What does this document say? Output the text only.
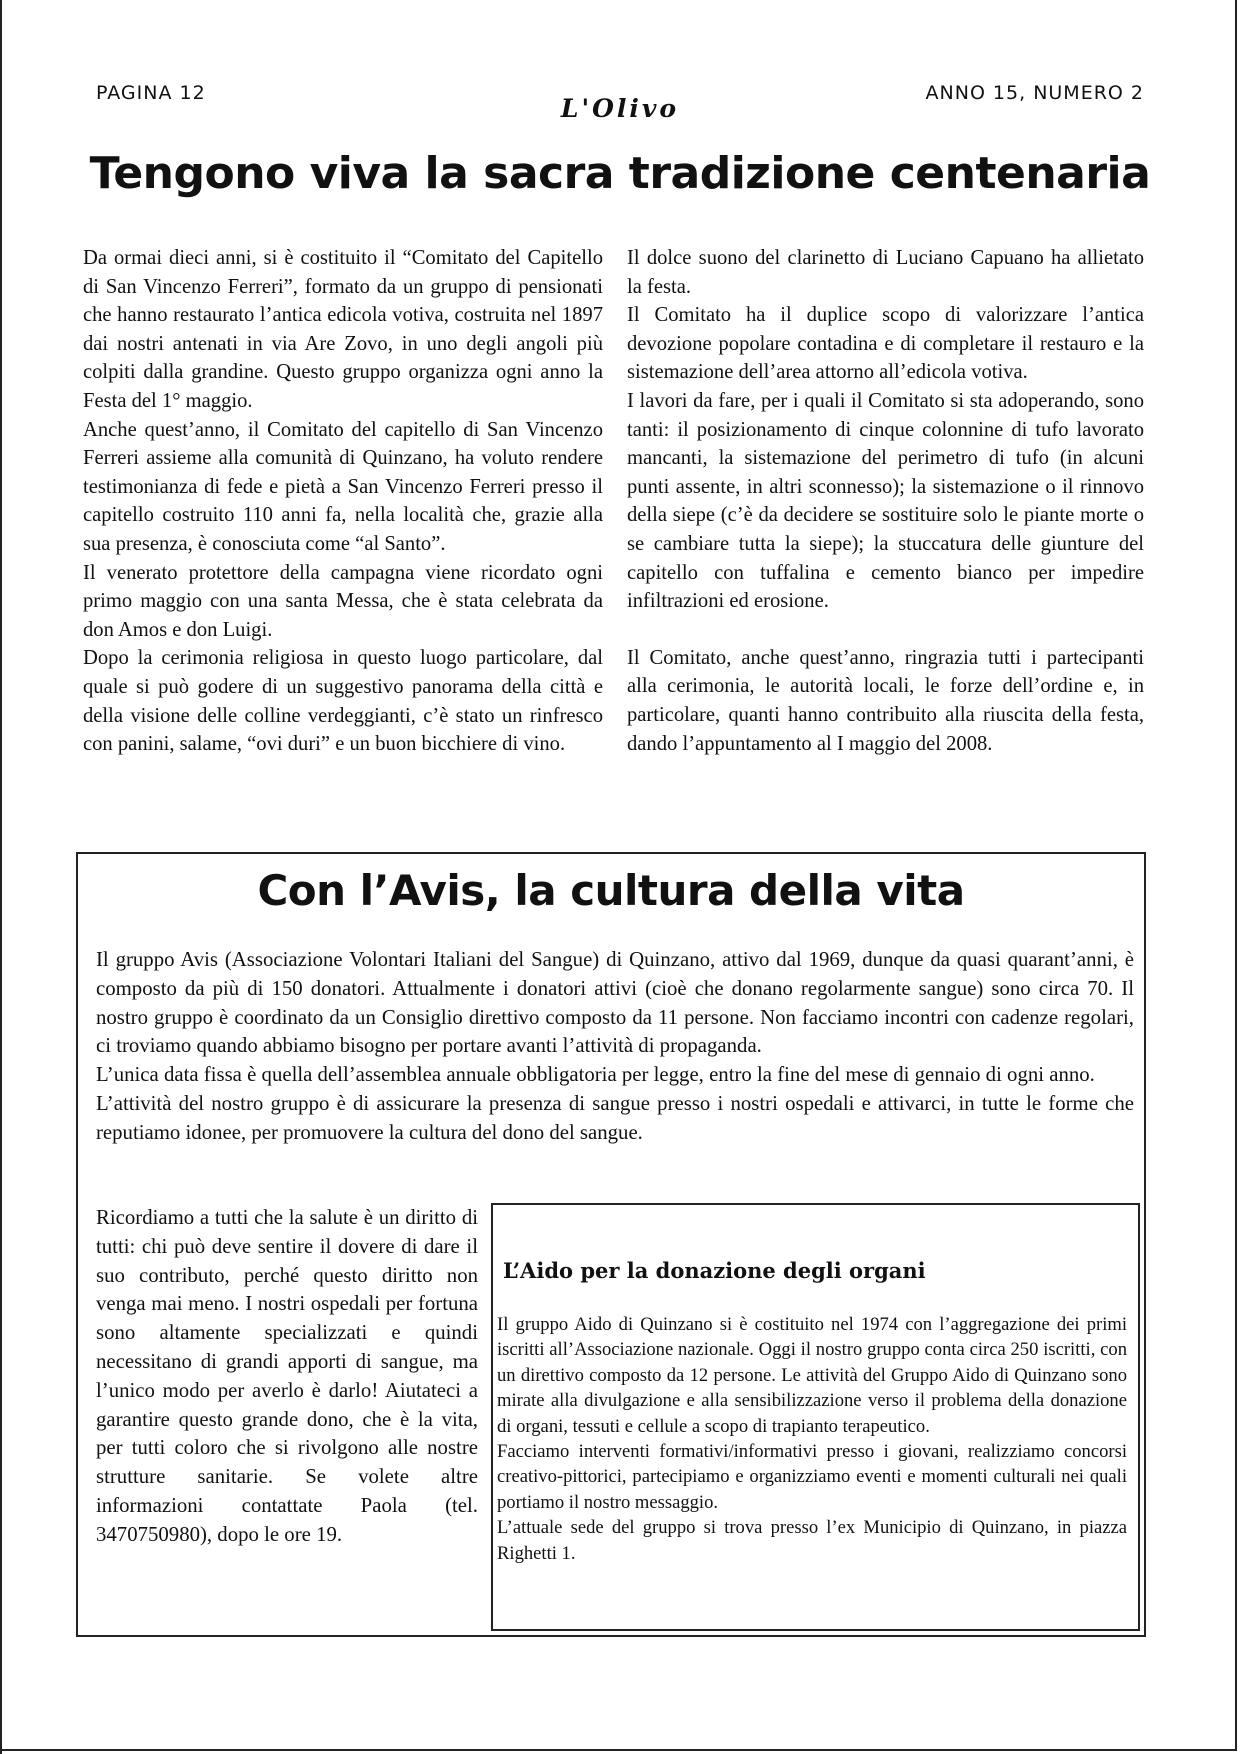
PAGINA 12
L'Olivo
ANNO 15, NUMERO 2
Tengono viva la sacra tradizione centenaria

Da ormai dieci anni, si è costituito il “Comitato del Capitello di San Vincenzo Ferreri”, formato da un gruppo di pensionati che hanno restaurato l’antica edicola votiva, costruita nel 1897 dai nostri antenati in via Are Zovo, in uno degli angoli più colpiti dalla grandine. Questo gruppo organizza ogni anno la Festa del 1° maggio.

Anche quest’anno, il Comitato del capitello di San Vincenzo Ferreri assieme alla comunità di Quinzano, ha voluto rendere testimonianza di fede e pietà a San Vincenzo Ferreri presso il capitello costruito 110 anni fa, nella località che, grazie alla sua presenza, è conosciuta come “al Santo”.

Il venerato protettore della campagna viene ricordato ogni primo maggio con una santa Messa, che è stata celebrata da don Amos e don Luigi.

Dopo la cerimonia religiosa in questo luogo particolare, dal quale si può godere di un suggestivo panorama della città e della visione delle colline verdeggianti, c’è stato un rinfresco con panini, salame, “ovi duri” e un buon bicchiere di vino.

Il dolce suono del clarinetto di Luciano Capuano ha allietato la festa.

Il Comitato ha il duplice scopo di valorizzare l’antica devozione popolare contadina e di completare il restauro e la sistemazione dell’area attorno all’edicola votiva.

I lavori da fare, per i quali il Comitato si sta adoperando, sono tanti: il posizionamento di cinque colonnine di tufo lavorato mancanti, la sistemazione del perimetro di tufo (in alcuni punti assente, in altri sconnesso); la sistemazione o il rinnovo della siepe (c’è da decidere se sostituire solo le piante morte o se cambiare tutta la siepe); la stuccatura delle giunture del capitello con tuffalina e cemento bianco per impedire infiltrazioni ed erosione.

Il Comitato, anche quest’anno, ringrazia tutti i partecipanti alla cerimonia, le autorità locali, le forze dell’ordine e, in particolare, quanti hanno contribuito alla riuscita della festa, dando l’appuntamento al I maggio del 2008.

Con l’Avis, la cultura della vita

Il gruppo Avis (Associazione Volontari Italiani del Sangue) di Quinzano, attivo dal 1969, dunque da quasi quarant’anni, è composto da più di 150 donatori. Attualmente i donatori attivi (cioè che donano regolarmente sangue) sono circa 70. Il nostro gruppo è coordinato da un Consiglio direttivo composto da 11 persone. Non facciamo incontri con cadenze regolari, ci troviamo quando abbiamo bisogno per portare avanti l’attività di propaganda.

L’unica data fissa è quella dell’assemblea annuale obbligatoria per legge, entro la fine del mese di gennaio di ogni anno.

L’attività del nostro gruppo è di assicurare la presenza di sangue presso i nostri ospedali e attivarci, in tutte le forme che reputiamo idonee, per promuovere la cultura del dono del sangue.

Ricordiamo a tutti che la salute è un diritto di tutti: chi può deve sentire il dovere di dare il suo contributo, perché questo diritto non venga mai meno. I nostri ospedali per fortuna sono altamente specializzati e quindi necessitano di grandi apporti di sangue, ma l’unico modo per averlo è darlo! Aiutateci a garantire questo grande dono, che è la vita, per tutti coloro che si rivolgono alle nostre strutture sanitarie. Se volete altre informazioni contattate Paola (tel. 3470750980), dopo le ore 19.
L’Aido per la donazione degli organi

Il gruppo Aido di Quinzano si è costituito nel 1974 con l’aggregazione dei primi iscritti all’Associazione nazionale. Oggi il nostro gruppo conta circa 250 iscritti, con un direttivo composto da 12 persone. Le attività del Gruppo Aido di Quinzano sono mirate alla divulgazione e alla sensibilizzazione verso il problema della donazione di organi, tessuti e cellule a scopo di trapianto terapeutico.

Facciamo interventi formativi/informativi presso i giovani, realizziamo concorsi creativo-pittorici, partecipiamo e organizziamo eventi e momenti culturali nei quali portiamo il nostro messaggio.

L’attuale sede del gruppo si trova presso l’ex Municipio di Quinzano, in piazza Righetti 1.
